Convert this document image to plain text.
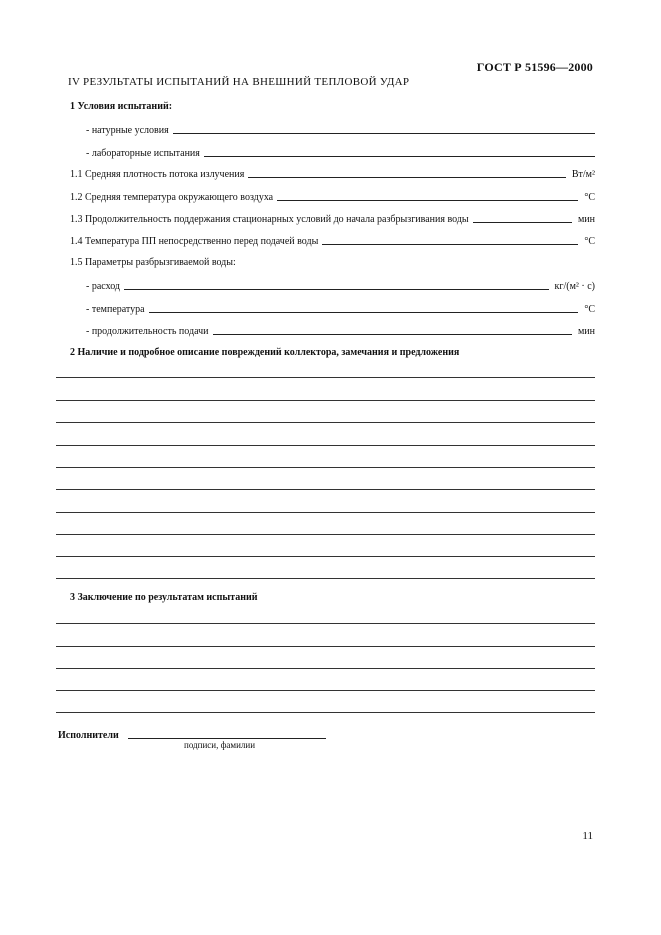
ГОСТ Р 51596—2000
IV РЕЗУЛЬТАТЫ ИСПЫТАНИЙ НА ВНЕШНИЙ ТЕПЛОВОЙ УДАР
1 Условия испытаний:
- натурные условия
- лабораторные испытания
1.1 Средняя плотность потока излучения	Вт/м²
1.2 Средняя температура окружающего воздуха	°С
1.3 Продолжительность поддержания стационарных условий до начала разбрызгивания воды	мин
1.4 Температура ПП непосредственно перед подачей воды	°С
1.5 Параметры разбрызгиваемой воды:
- расход	кг/(м² · с)
- температура	°С
- продолжительность подачи	мин
2 Наличие и подробное описание повреждений коллектора, замечания и предложения
3 Заключение по результатам испытаний
Исполнители
подписи, фамилии
11
